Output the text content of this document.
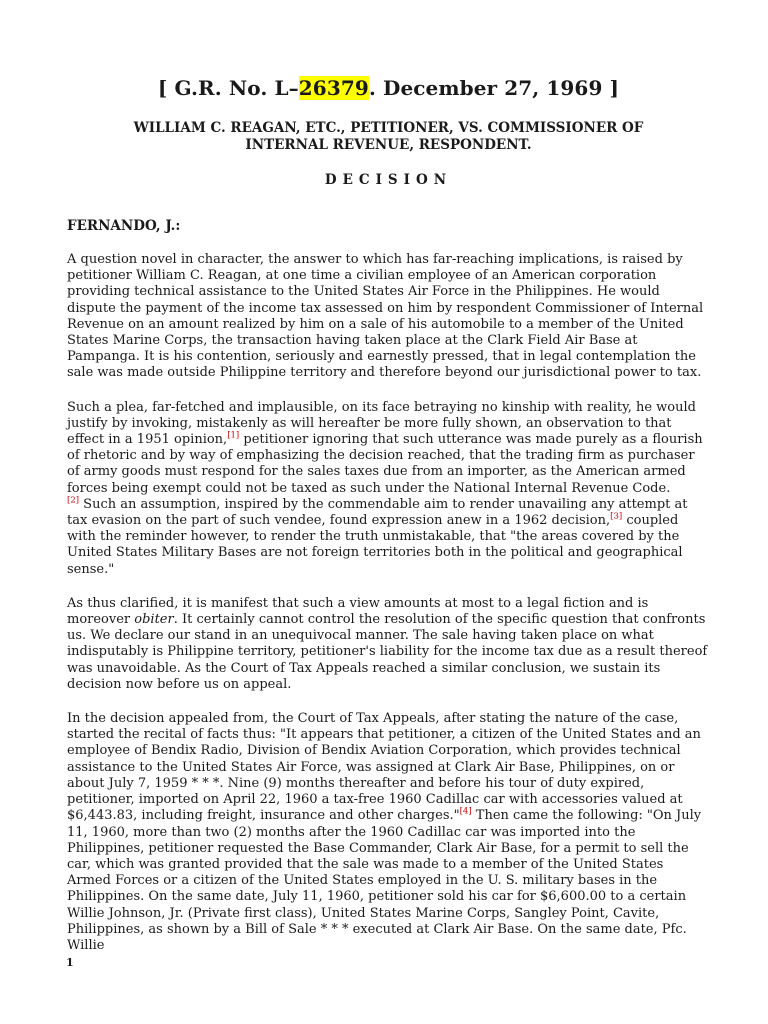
[ G.R. No. L–26379. December 27, 1969 ]
WILLIAM C. REAGAN, ETC., PETITIONER, VS. COMMISSIONER OF
INTERNAL REVENUE, RESPONDENT.
DECISION
FERNANDO, J.:

A question novel in character, the answer to which has far-reaching implications, is raised by petitioner William C. Reagan, at one time a civilian employee of an American corporation providing technical assistance to the United States Air Force in the Philippines. He would dispute the payment of the income tax assessed on him by respondent Commissioner of Internal Revenue on an amount realized by him on a sale of his automobile to a member of the United States Marine Corps, the transaction having taken place at the Clark Field Air Base at Pampanga. It is his contention, seriously and earnestly pressed, that in legal contemplation the sale was made outside Philippine territory and therefore beyond our jurisdictional power to tax.

Such a plea, far-fetched and implausible, on its face betraying no kinship with reality, he would justify by invoking, mistakenly as will hereafter be more fully shown, an observation to that effect in a 1951 opinion,[1] petitioner ignoring that such utterance was made purely as a flourish of rhetoric and by way of emphasizing the decision reached, that the trading firm as purchaser of army goods must respond for the sales taxes due from an importer, as the American armed forces being exempt could not be taxed as such under the National Internal Revenue Code.
[2] Such an assumption, inspired by the commendable aim to render unavailing any attempt at tax evasion on the part of such vendee, found expression anew in a 1962 decision,[3] coupled with the reminder however, to render the truth unmistakable, that "the areas covered by the United States Military Bases are not foreign territories both in the political and geographical sense."

As thus clarified, it is manifest that such a view amounts at most to a legal fiction and is moreover obiter. It certainly cannot control the resolution of the specific question that confronts us. We declare our stand in an unequivocal manner. The sale having taken place on what indisputably is Philippine territory, petitioner's liability for the income tax due as a result thereof was unavoidable. As the Court of Tax Appeals reached a similar conclusion, we sustain its decision now before us on appeal.

In the decision appealed from, the Court of Tax Appeals, after stating the nature of the case, started the recital of facts thus: "It appears that petitioner, a citizen of the United States and an employee of Bendix Radio, Division of Bendix Aviation Corporation, which provides technical assistance to the United States Air Force, was assigned at Clark Air Base, Philippines, on or about July 7, 1959 * * *. Nine (9) months thereafter and before his tour of duty expired, petitioner, imported on April 22, 1960 a tax-free 1960 Cadillac car with accessories valued at $6,443.83, including freight, insurance and other charges."[4] Then came the following: "On July 11, 1960, more than two (2) months after the 1960 Cadillac car was imported into the Philippines, petitioner requested the Base Commander, Clark Air Base, for a permit to sell the car, which was granted provided that the sale was made to a member of the United States Armed Forces or a citizen of the United States employed in the U. S. military bases in the Philippines. On the same date, July 11, 1960, petitioner sold his car for $6,600.00 to a certain Willie Johnson, Jr. (Private first class), United States Marine Corps, Sangley Point, Cavite, Philippines, as shown by a Bill of Sale * * * executed at Clark Air Base. On the same date, Pfc. Willie

1
